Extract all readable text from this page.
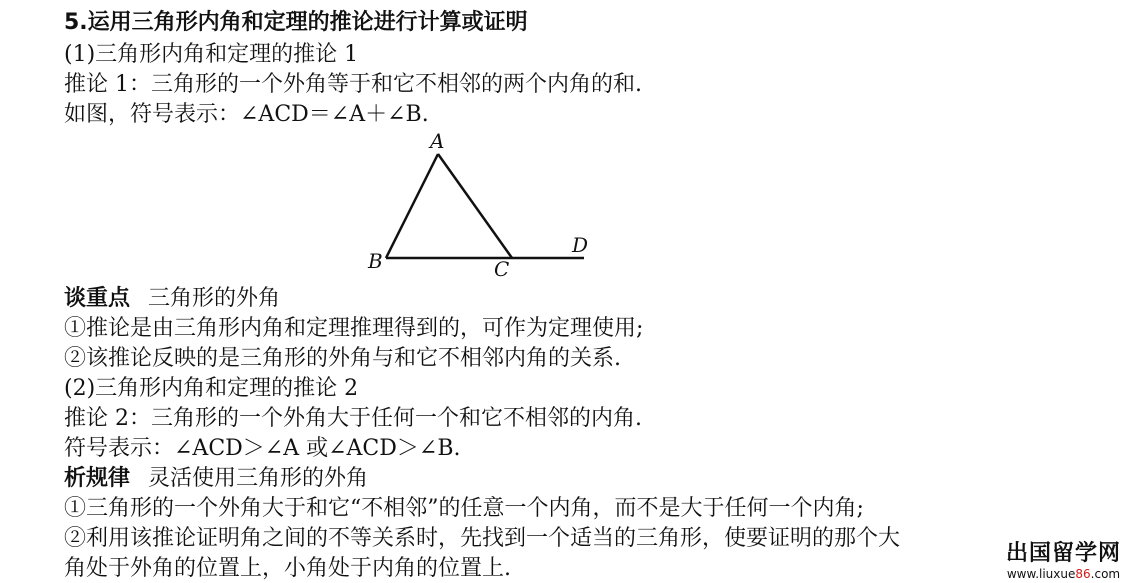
5.运用三角形内角和定理的推论进行计算或证明
(1)三角形内角和定理的推论 1
推论 1：三角形的一个外角等于和它不相邻的两个内角的和.
如图，符号表示：∠ACD＝∠A＋∠B.
A
B	C
D
谈重点 三角形的外角
①推论是由三角形内角和定理推理得到的，可作为定理使用;
②该推论反映的是三角形的外角与和它不相邻内角的关系.
(2)三角形内角和定理的推论 2
推论 2：三角形的一个外角大于任何一个和它不相邻的内角.
符号表示：∠ACD＞∠A 或∠ACD＞∠B.
析规律 灵活使用三角形的外角
①三角形的一个外角大于和它“不相邻”的任意一个内角，而不是大于任何一个内角;
②利用该推论证明角之间的不等关系时，先找到一个适当的三角形，使要证明的那个大
角处于外角的位置上，小角处于内角的位置上.
出国留学网
www.liuxue86.com
